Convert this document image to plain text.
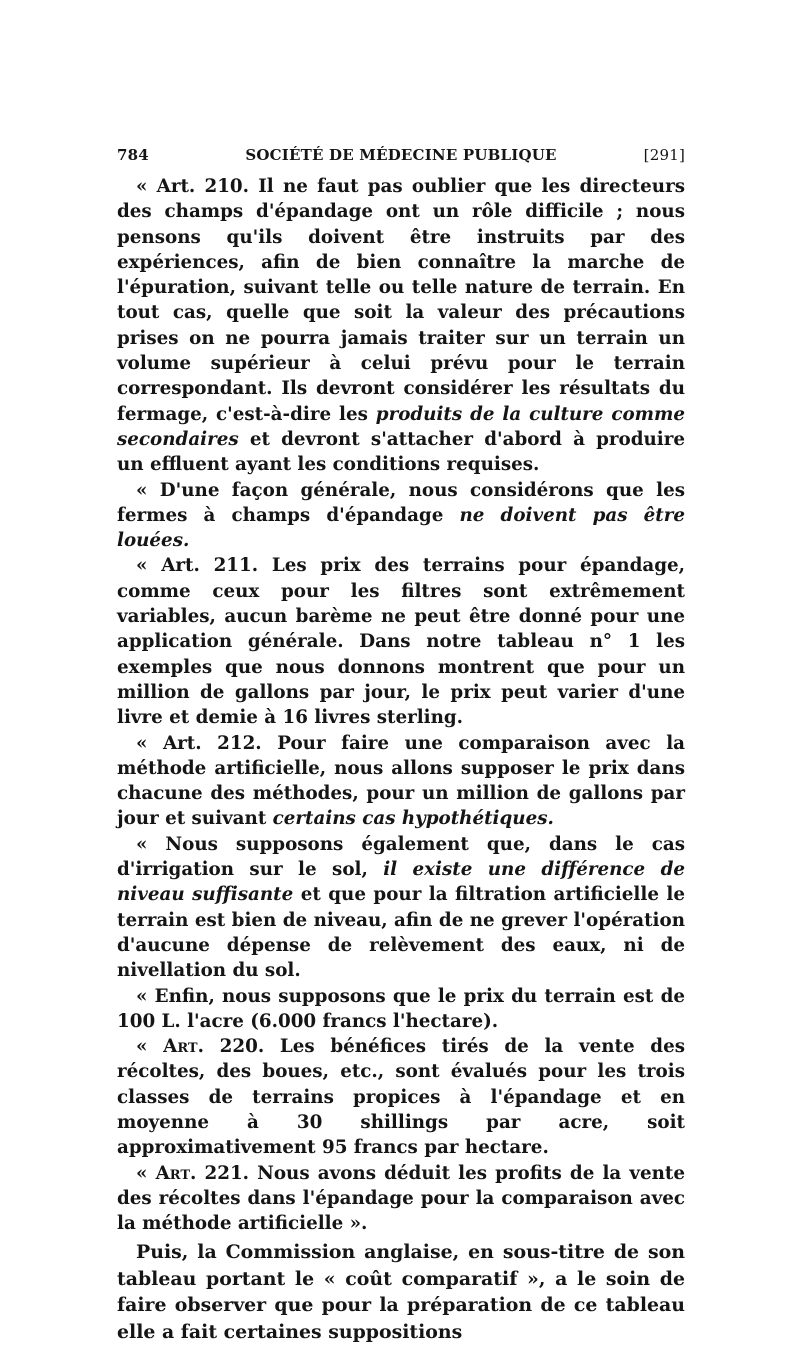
784	SOCIÉTÉ DE MÉDECINE PUBLIQUE	[291]

« Art. 210. Il ne faut pas oublier que les directeurs des champs d'épandage ont un rôle difficile ; nous pensons qu'ils doivent être instruits par des expériences, afin de bien connaître la marche de l'épuration, suivant telle ou telle nature de terrain. En tout cas, quelle que soit la valeur des précautions prises on ne pourra jamais traiter sur un terrain un volume supérieur à celui prévu pour le terrain correspondant. Ils devront considérer les résultats du fermage, c'est-à-dire les produits de la culture comme secondaires et devront s'attacher d'abord à produire un effluent ayant les conditions requises.

« D'une façon générale, nous considérons que les fermes à champs d'épandage ne doivent pas être louées.

« Art. 211. Les prix des terrains pour épandage, comme ceux pour les filtres sont extrêmement variables, aucun barème ne peut être donné pour une application générale. Dans notre tableau n° 1 les exemples que nous donnons montrent que pour un million de gallons par jour, le prix peut varier d'une livre et demie à 16 livres sterling.

« Art. 212. Pour faire une comparaison avec la méthode artificielle, nous allons supposer le prix dans chacune des méthodes, pour un million de gallons par jour et suivant certains cas hypothétiques.

« Nous supposons également que, dans le cas d'irrigation sur le sol, il existe une différence de niveau suffisante et que pour la filtration artificielle le terrain est bien de niveau, afin de ne grever l'opération d'aucune dépense de relèvement des eaux, ni de nivellation du sol.

« Enfin, nous supposons que le prix du terrain est de 100 L. l'acre (6.000 francs l'hectare).

« Art. 220. Les bénéfices tirés de la vente des récoltes, des boues, etc., sont évalués pour les trois classes de terrains propices à l'épandage et en moyenne à 30 shillings par acre, soit approximativement 95 francs par hectare.

« Art. 221. Nous avons déduit les profits de la vente des récoltes dans l'épandage pour la comparaison avec la méthode artificielle ».

Puis, la Commission anglaise, en sous-titre de son tableau portant le « coût comparatif », a le soin de faire observer que pour la préparation de ce tableau elle a fait certaines suppositions
